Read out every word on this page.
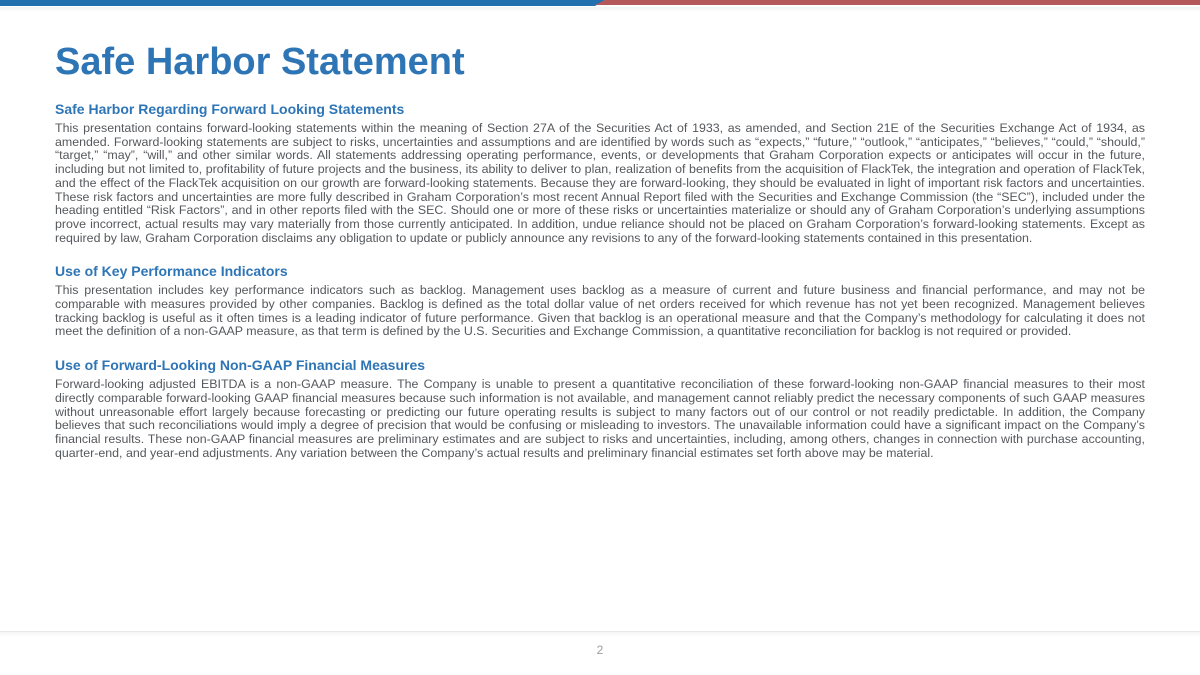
Safe Harbor Statement
Safe Harbor Regarding Forward Looking Statements

This presentation contains forward-looking statements within the meaning of Section 27A of the Securities Act of 1933, as amended, and Section 21E of the Securities Exchange Act of 1934, as amended. Forward-looking statements are subject to risks, uncertainties and assumptions and are identified by words such as “expects,” “future,” “outlook,” “anticipates,” “believes,” “could,” “should,” “target,” “may”, “will,” and other similar words. All statements addressing operating performance, events, or developments that Graham Corporation expects or anticipates will occur in the future, including but not limited to, profitability of future projects and the business, its ability to deliver to plan, realization of benefits from the acquisition of FlackTek, the integration and operation of FlackTek, and the effect of the FlackTek acquisition on our growth are forward-looking statements. Because they are forward-looking, they should be evaluated in light of important risk factors and uncertainties. These risk factors and uncertainties are more fully described in Graham Corporation’s most recent Annual Report filed with the Securities and Exchange Commission (the “SEC”), included under the heading entitled “Risk Factors”, and in other reports filed with the SEC. Should one or more of these risks or uncertainties materialize or should any of Graham Corporation’s underlying assumptions prove incorrect, actual results may vary materially from those currently anticipated. In addition, undue reliance should not be placed on Graham Corporation’s forward-looking statements. Except as required by law, Graham Corporation disclaims any obligation to update or publicly announce any revisions to any of the forward-looking statements contained in this presentation.

Use of Key Performance Indicators

This presentation includes key performance indicators such as backlog. Management uses backlog as a measure of current and future business and financial performance, and may not be comparable with measures provided by other companies. Backlog is defined as the total dollar value of net orders received for which revenue has not yet been recognized. Management believes tracking backlog is useful as it often times is a leading indicator of future performance. Given that backlog is an operational measure and that the Company’s methodology for calculating it does not meet the definition of a non-GAAP measure, as that term is defined by the U.S. Securities and Exchange Commission, a quantitative reconciliation for backlog is not required or provided.

Use of Forward-Looking Non-GAAP Financial Measures

Forward-looking adjusted EBITDA is a non-GAAP measure. The Company is unable to present a quantitative reconciliation of these forward-looking non-GAAP financial measures to their most directly comparable forward-looking GAAP financial measures because such information is not available, and management cannot reliably predict the necessary components of such GAAP measures without unreasonable effort largely because forecasting or predicting our future operating results is subject to many factors out of our control or not readily predictable. In addition, the Company believes that such reconciliations would imply a degree of precision that would be confusing or misleading to investors. The unavailable information could have a significant impact on the Company’s financial results. These non-GAAP financial measures are preliminary estimates and are subject to risks and uncertainties, including, among others, changes in connection with purchase accounting, quarter-end, and year-end adjustments. Any variation between the Company’s actual results and preliminary financial estimates set forth above may be material.

2
